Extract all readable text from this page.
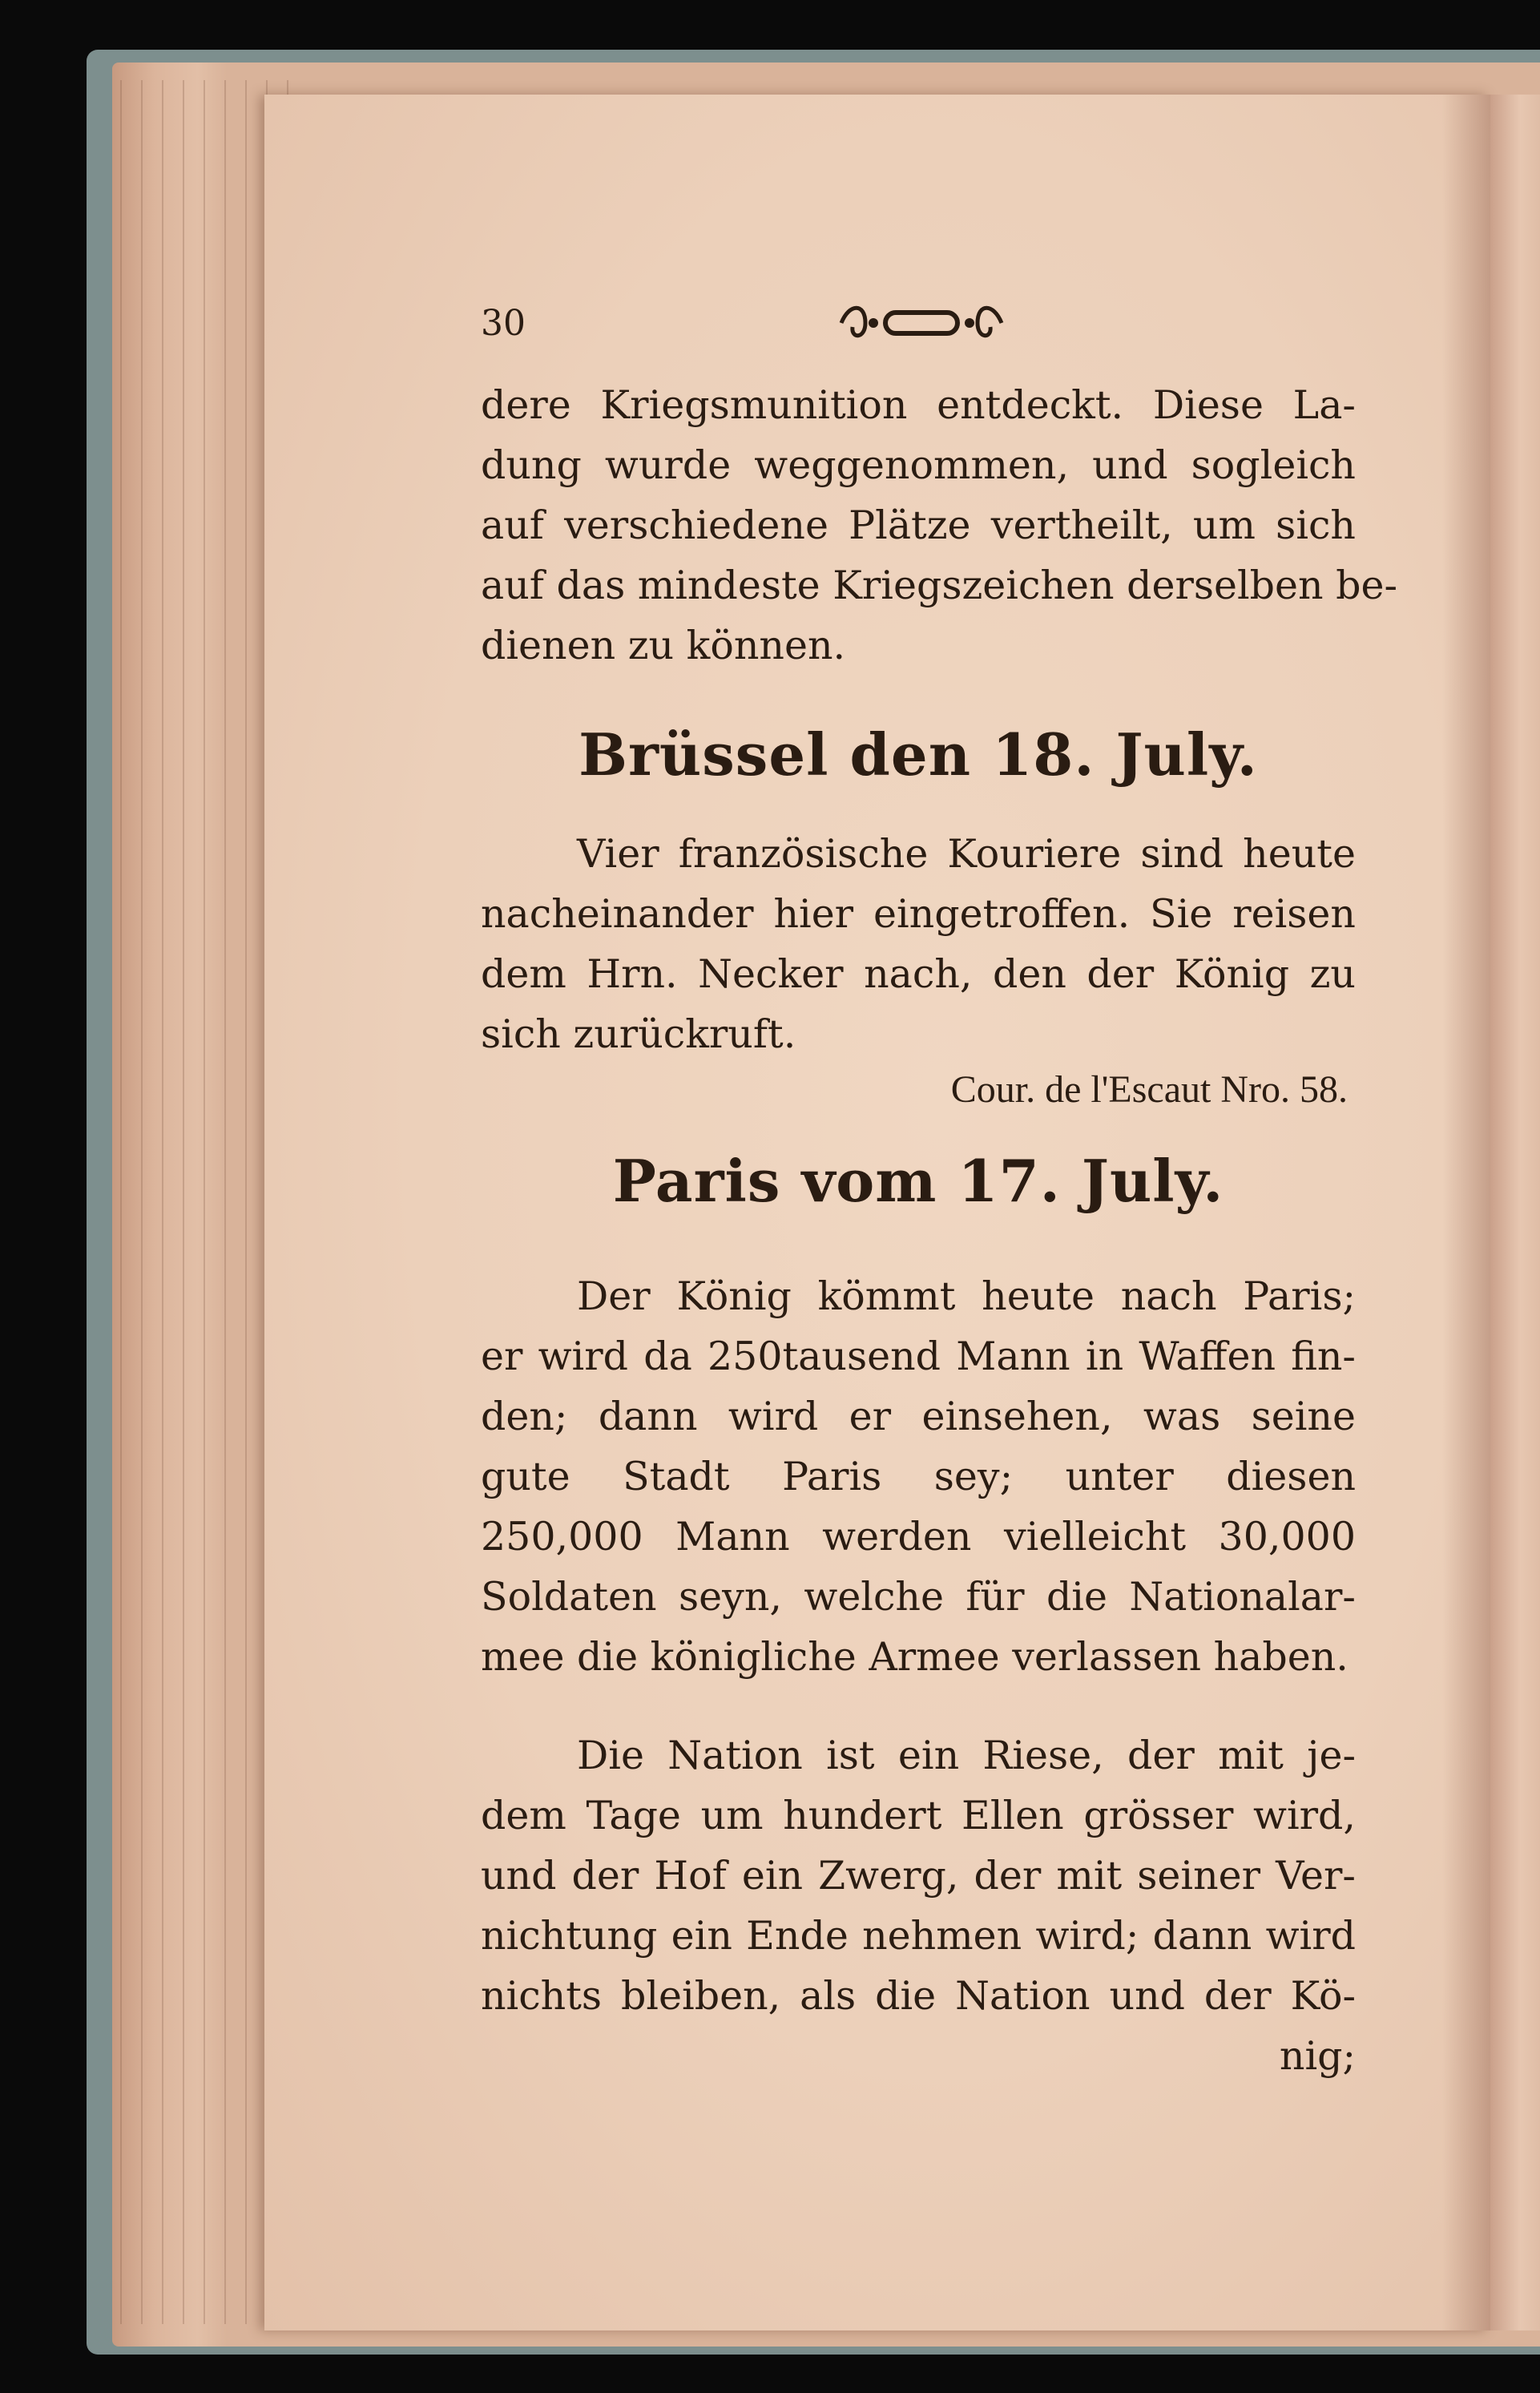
30

dere Kriegsmunition entdeckt. Diese La-
dung wurde weggenommen, und sogleich
auf verschiedene Plätze vertheilt, um sich
auf das mindeste Kriegszeichen derselben be-
dienen zu können.

Brüssel den 18. July.

Vier französische Kouriere sind heute
nacheinander hier eingetroffen. Sie reisen
dem Hrn. Necker nach, den der König zu
sich zurückruft.

Cour. de l'Escaut Nro. 58.

Paris vom 17. July.

Der König kömmt heute nach Paris;
er wird da 250tausend Mann in Waffen fin-
den; dann wird er einsehen, was seine
gute Stadt Paris sey; unter diesen
250,000 Mann werden vielleicht 30,000
Soldaten seyn, welche für die Nationalar-
mee die königliche Armee verlassen haben.

Die Nation ist ein Riese, der mit je-
dem Tage um hundert Ellen grösser wird,
und der Hof ein Zwerg, der mit seiner Ver-
nichtung ein Ende nehmen wird; dann wird
nichts bleiben, als die Nation und der Kö-
nig;
